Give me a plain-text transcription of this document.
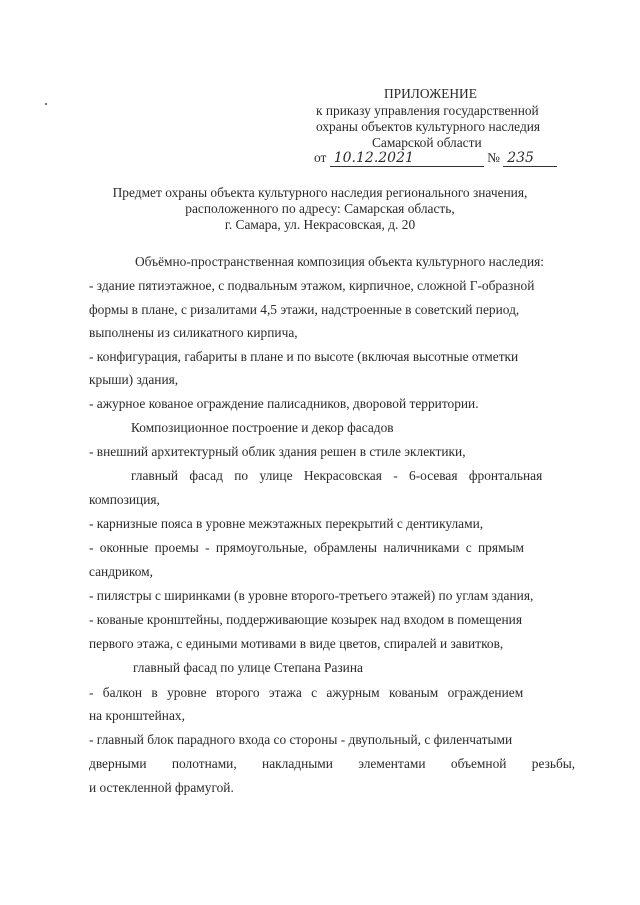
ПРИЛОЖЕНИЕ
к приказу управления государственной
охраны объектов культурного наследия
Самарской области
от 10.12.2021	№ 235
Предмет охраны объекта культурного наследия регионального значения,
расположенного по адресу: Самарская область,
г. Самара, ул. Некрасовская, д. 20
Объёмно-пространственная композиция объекта культурного наследия:
- здание пятиэтажное, с подвальным этажом, кирпичное, сложной Г-образной
формы в плане, с ризалитами 4,5 этажи, надстроенные в советский период,
выполнены из силикатного кирпича,
- конфигурация, габариты в плане и по высоте (включая высотные отметки
крыши) здания,
- ажурное кованое ограждение палисадников, дворовой территории.
Композиционное построение и декор фасадов
- внешний архитектурный облик здания решен в стиле эклектики,
главный фасад по улице Некрасовская - 6-осевая фронтальная
композиция,
- карнизные пояса в уровне межэтажных перекрытий с дентикулами,
- оконные проемы - прямоугольные, обрамлены наличниками с прямым
сандриком,
- пилястры с шиpинками (в уровне второго-третьего этажей) по углам здания,
- кованые кронштейны, поддерживающие козырек над входом в помещения
первого этажа, с едиными мотивами в виде цветов, спиралей и завитков,
главный фасад по улице Степана Разина
- балкон в уровне второго этажа с ажурным кованым ограждением
на кронштейнах,
- главный блок парадного входа со стороны - двупольный, с филенчатыми
дверными полотнами, накладными элементами объемной резьбы,
и остекленной фрамугой.
